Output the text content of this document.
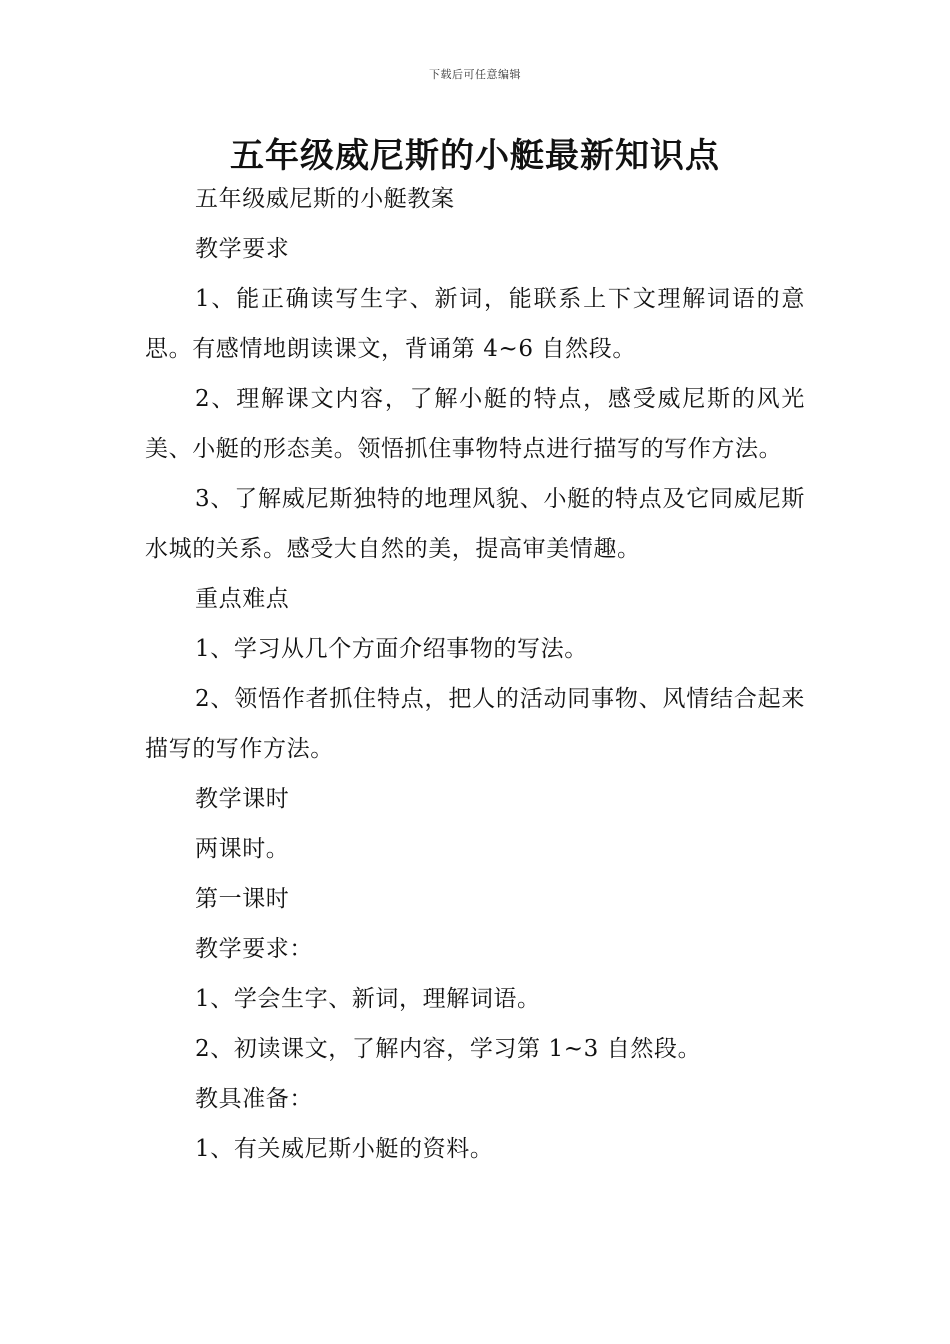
下载后可任意编辑
五年级威尼斯的小艇最新知识点

五年级威尼斯的小艇教案

教学要求

1、能正确读写生字、新词，能联系上下文理解词语的意思。有感情地朗读课文，背诵第 4~6 自然段。

2、理解课文内容，了解小艇的特点，感受威尼斯的风光美、小艇的形态美。领悟抓住事物特点进行描写的写作方法。

3、了解威尼斯独特的地理风貌、小艇的特点及它同威尼斯水城的关系。感受大自然的美，提高审美情趣。

重点难点

1、学习从几个方面介绍事物的写法。

2、领悟作者抓住特点，把人的活动同事物、风情结合起来描写的写作方法。

教学课时

两课时。

第一课时

教学要求：

1、学会生字、新词，理解词语。

2、初读课文，了解内容，学习第 1~3 自然段。

教具准备：

1、有关威尼斯小艇的资料。
